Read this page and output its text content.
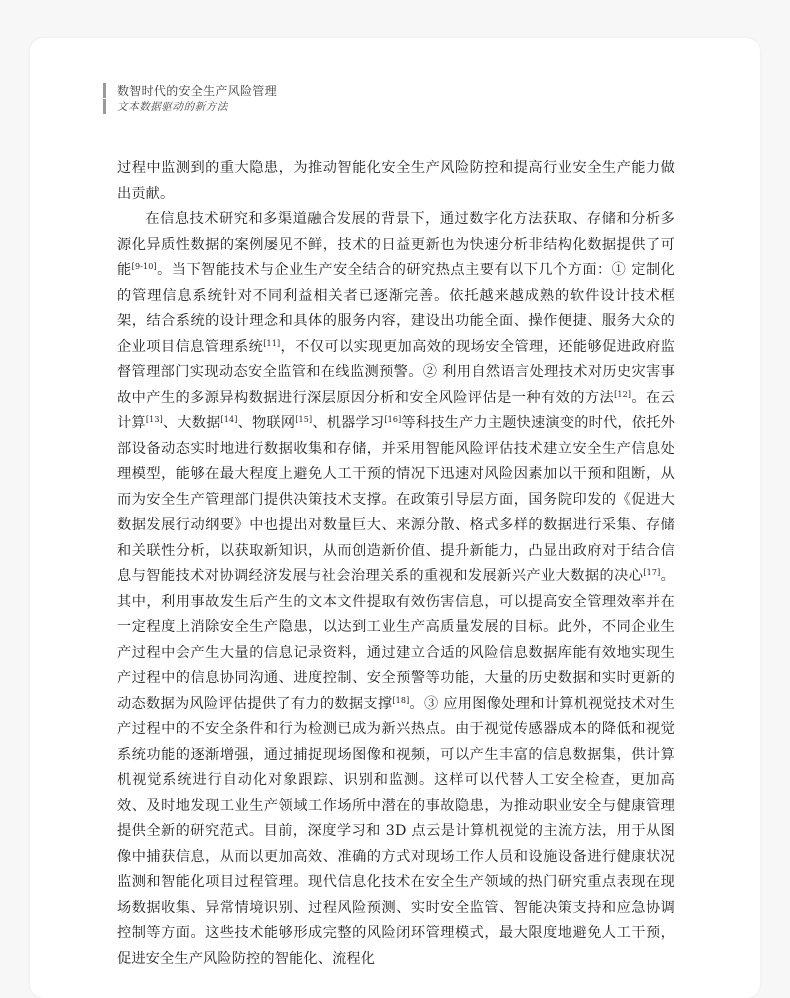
数智时代的安全生产风险管理
文本数据驱动的新方法

过程中监测到的重大隐患，为推动智能化安全生产风险防控和提高行业安全生产能力做出贡献。

在信息技术研究和多渠道融合发展的背景下，通过数字化方法获取、存储和分析多源化异质性数据的案例屡见不鲜，技术的日益更新也为快速分析非结构化数据提供了可能[9-10]。当下智能技术与企业生产安全结合的研究热点主要有以下几个方面：① 定制化的管理信息系统针对不同利益相关者已逐渐完善。依托越来越成熟的软件设计技术框架，结合系统的设计理念和具体的服务内容，建设出功能全面、操作便捷、服务大众的企业项目信息管理系统[11]，不仅可以实现更加高效的现场安全管理，还能够促进政府监督管理部门实现动态安全监管和在线监测预警。② 利用自然语言处理技术对历史灾害事故中产生的多源异构数据进行深层原因分析和安全风险评估是一种有效的方法[12]。在云计算[13]、大数据[14]、物联网[15]、机器学习[16]等科技生产力主题快速演变的时代，依托外部设备动态实时地进行数据收集和存储，并采用智能风险评估技术建立安全生产信息处理模型，能够在最大程度上避免人工干预的情况下迅速对风险因素加以干预和阻断，从而为安全生产管理部门提供决策技术支撑。在政策引导层方面，国务院印发的《促进大数据发展行动纲要》中也提出对数量巨大、来源分散、格式多样的数据进行采集、存储和关联性分析，以获取新知识，从而创造新价值、提升新能力，凸显出政府对于结合信息与智能技术对协调经济发展与社会治理关系的重视和发展新兴产业大数据的决心[17]。其中，利用事故发生后产生的文本文件提取有效伤害信息，可以提高安全管理效率并在一定程度上消除安全生产隐患，以达到工业生产高质量发展的目标。此外，不同企业生产过程中会产生大量的信息记录资料，通过建立合适的风险信息数据库能有效地实现生产过程中的信息协同沟通、进度控制、安全预警等功能，大量的历史数据和实时更新的动态数据为风险评估提供了有力的数据支撑[18]。③ 应用图像处理和计算机视觉技术对生产过程中的不安全条件和行为检测已成为新兴热点。由于视觉传感器成本的降低和视觉系统功能的逐渐增强，通过捕捉现场图像和视频，可以产生丰富的信息数据集，供计算机视觉系统进行自动化对象跟踪、识别和监测。这样可以代替人工安全检查，更加高效、及时地发现工业生产领域工作场所中潜在的事故隐患，为推动职业安全与健康管理提供全新的研究范式。目前，深度学习和 3D 点云是计算机视觉的主流方法，用于从图像中捕获信息，从而以更加高效、准确的方式对现场工作人员和设施设备进行健康状况监测和智能化项目过程管理。现代信息化技术在安全生产领域的热门研究重点表现在现场数据收集、异常情境识别、过程风险预测、实时安全监管、智能决策支持和应急协调控制等方面。这些技术能够形成完整的风险闭环管理模式，最大限度地避免人工干预，促进安全生产风险防控的智能化、流程化
